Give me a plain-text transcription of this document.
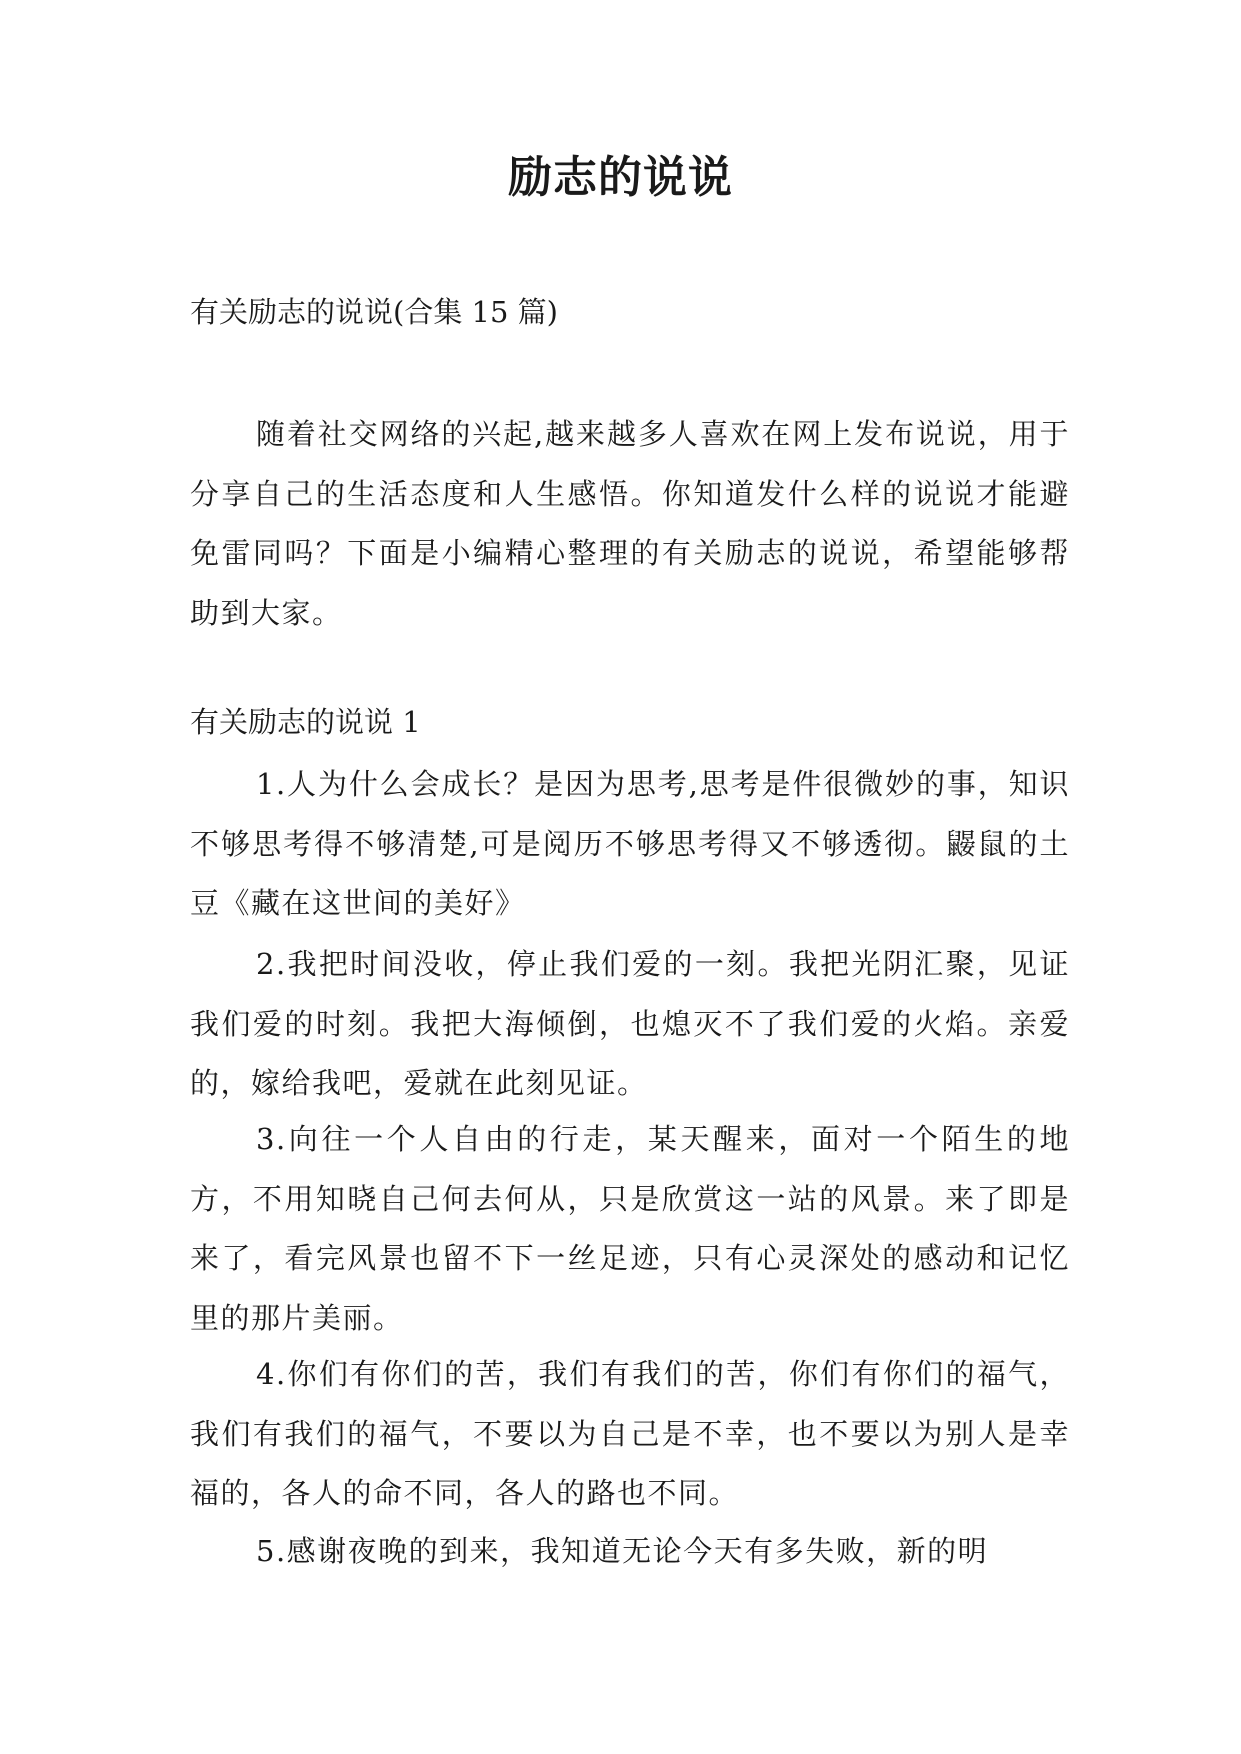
励志的说说
有关励志的说说(合集 15 篇)

随着社交网络的兴起,越来越多人喜欢在网上发布说说，用于分享自己的生活态度和人生感悟。你知道发什么样的说说才能避免雷同吗？下面是小编精心整理的有关励志的说说，希望能够帮助到大家。

有关励志的说说 1

1.人为什么会成长？是因为思考,思考是件很微妙的事，知识不够思考得不够清楚,可是阅历不够思考得又不够透彻。鼹鼠的土豆《藏在这世间的美好》

2.我把时间没收，停止我们爱的一刻。我把光阴汇聚，见证我们爱的时刻。我把大海倾倒，也熄灭不了我们爱的火焰。亲爱的，嫁给我吧，爱就在此刻见证。

3.向往一个人自由的行走，某天醒来，面对一个陌生的地方，不用知晓自己何去何从，只是欣赏这一站的风景。来了即是来了，看完风景也留不下一丝足迹，只有心灵深处的感动和记忆里的那片美丽。

4.你们有你们的苦，我们有我们的苦，你们有你们的福气，我们有我们的福气，不要以为自己是不幸，也不要以为别人是幸福的，各人的命不同，各人的路也不同。

5.感谢夜晚的到来，我知道无论今天有多失败，新的明
